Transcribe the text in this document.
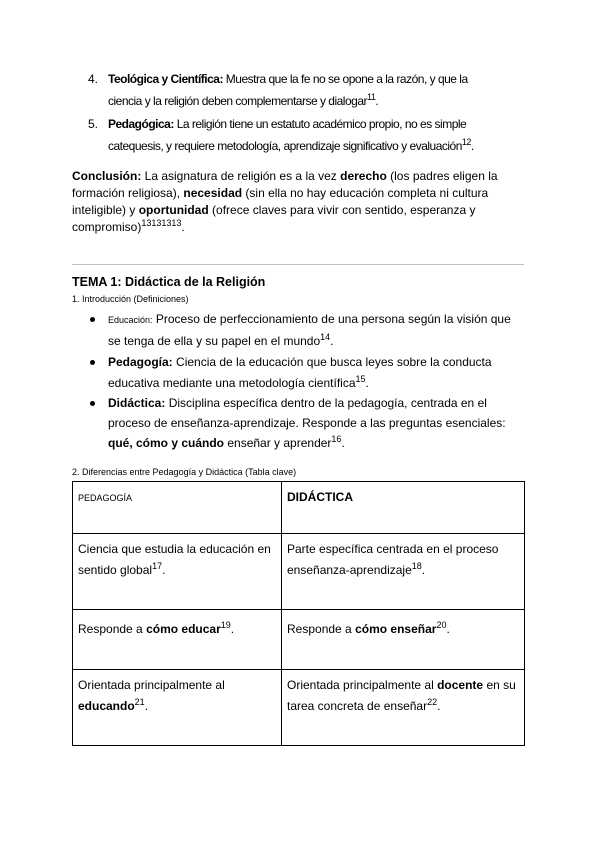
4. Teológica y Científica: Muestra que la fe no se opone a la razón, y que la
ciencia y la religión deben complementarse y dialogar$^{11}$.
5. Pedagógica: La religión tiene un estatuto académico propio, no es simple
catequesis, y requiere metodología, aprendizaje significativo y evaluación$^{12}$.
Conclusión: La asignatura de religión es a la vez derecho (los padres eligen la formación religiosa), necesidad (sin ella no hay educación completa ni cultura inteligible) y oportunidad (ofrece claves para vivir con sentido, esperanza y compromiso)$^{13131313}$.
TEMA 1: Didáctica de la Religión
1. Introducción (Definiciones)
Educación: Proceso de perfeccionamiento de una persona según la visión que
se tenga de ella y su papel en el mundo$^{14}$.
Pedagogía: Ciencia de la educación que busca leyes sobre la conducta
educativa mediante una metodología científica$^{15}$.
Didáctica: Disciplina específica dentro de la pedagogía, centrada en el proceso de enseñanza-aprendizaje. Responde a las preguntas esenciales:
qué, cómo y cuándo enseñar y aprender$^{16}$.
2. Diferencias entre Pedagogía y Didáctica (Tabla clave)
PEDAGOGÍA	DIDÁCTICA
Ciencia que estudia la educación en sentido global$^{17}$.	Parte específica centrada en el proceso enseñanza-aprendizaje$^{18}$.
Responde a cómo educar$^{19}$.	Responde a cómo enseñar$^{20}$.
Orientada principalmente al educando$^{21}$.	Orientada principalmente al docente en su tarea concreta de enseñar$^{22}$.
